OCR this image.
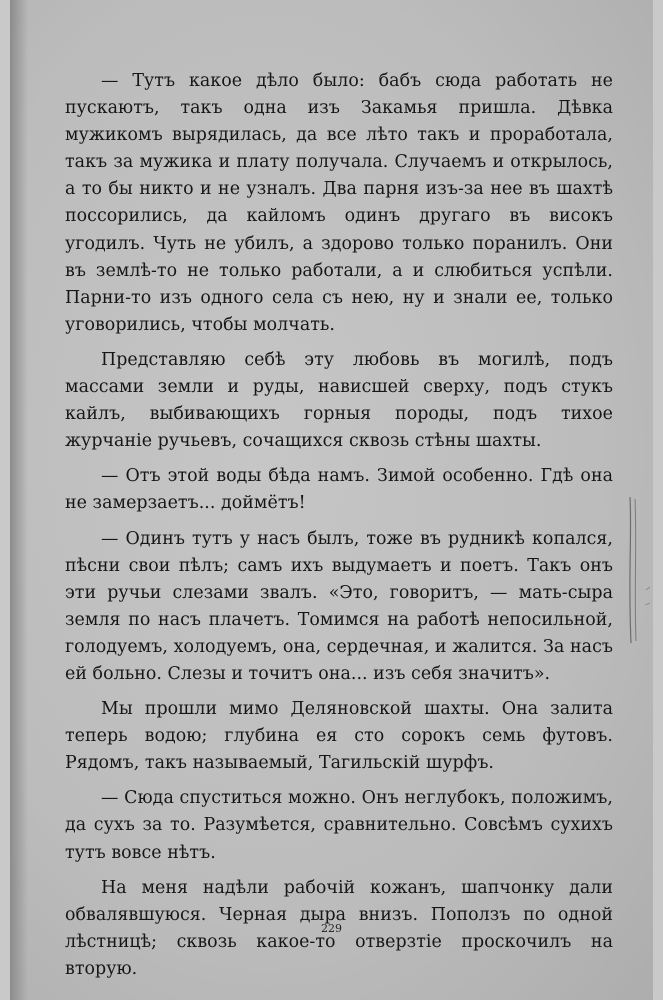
— Тутъ какое дѣло было: бабъ сюда работать не пускаютъ, такъ одна изъ Закамья пришла. Дѣвка мужикомъ вырядилась, да все лѣто такъ и проработала, такъ за мужика и плату получала. Случаемъ и открылось, а то бы никто и не узналъ. Два парня изъ-за нее въ шахтѣ поссорились, да кайломъ одинъ другаго въ високъ угодилъ. Чуть не убилъ, а здорово только поранилъ. Они въ землѣ-то не только работали, а и слюбиться успѣли. Парни-то изъ одного села съ нею, ну и знали ее, только уговорились, чтобы молчать.

Представляю себѣ эту любовь въ могилѣ, подъ массами земли и руды, нависшей сверху, подъ стукъ кайлъ, выбивающихъ горныя породы, подъ тихое журчаніе ручьевъ, сочащихся сквозь стѣны шахты.

— Отъ этой воды бѣда намъ. Зимой особенно. Гдѣ она не замерзаетъ... доймётъ!

— Одинъ тутъ у насъ былъ, тоже въ рудникѣ копался, пѣсни свои пѣлъ; самъ ихъ выдумаетъ и поетъ. Такъ онъ эти ручьи слезами звалъ. «Это, говоритъ, — мать-сыра земля по насъ плачетъ. Томимся на работѣ непосильной, голодуемъ, холодуемъ, она, сердечная, и жалится. За насъ ей больно. Слезы и точитъ она... изъ себя значитъ».

Мы прошли мимо Деляновской шахты. Она залита теперь водою; глубина ея сто сорокъ семь футовъ. Рядомъ, такъ называемый, Тагильскій шурфъ.

— Сюда спуститься можно. Онъ неглубокъ, положимъ, да сухъ за то. Разумѣется, сравнительно. Совсѣмъ сухихъ тутъ вовсе нѣтъ.

На меня надѣли рабочій кожанъ, шапчонку дали обвалявшуюся. Черная дыра внизъ. Поползъ по одной лѣстницѣ; сквозь какое-то отверзтіе проскочилъ на вторую.

229
